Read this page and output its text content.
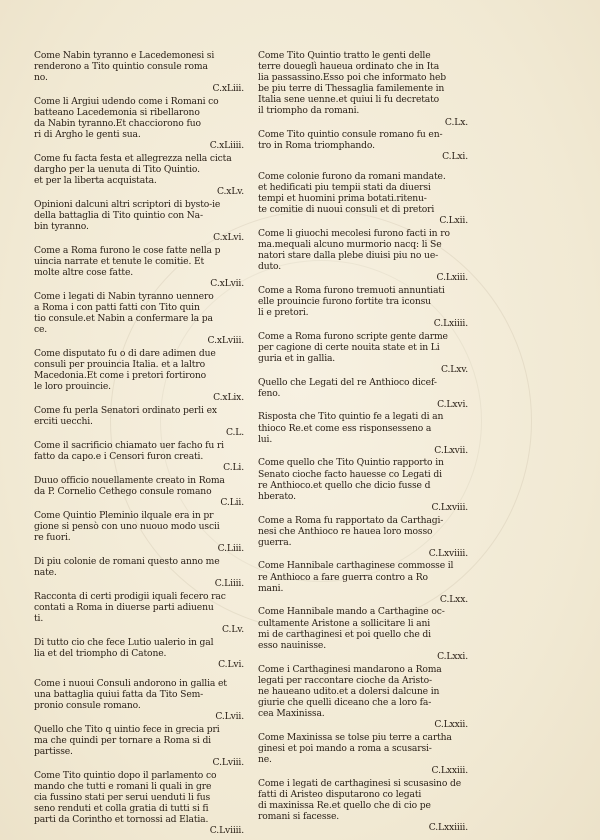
Come Nabin tyranno e Lacedemonesi si
renderono a Tito quintio consule roma
no.
C.xLiii.
Come li Argiui udendo come i Romani co
batteano Lacedemonia si ribellarono
da Nabin tyranno.Et chacciorono fuo
ri di Argho le genti sua.
C.xLiiii.
Come fu facta festa et allegrezza nella cicta
dargho per la uenuta di Tito Quintio.
et per la liberta acquistata.
C.xLv.
Opinioni dalcuni altri scriptori di bysto-ie
della battaglia di Tito quintio con Na-
bin tyranno.
C.xLvi.
Come a Roma furono le cose fatte nella p
uincia narrate et tenute le comitie. Et
molte altre cose fatte.
C.xLvii.
Come i legati di Nabin tyranno uennero
a Roma i con patti fatti con Tito quin
tio consule.et Nabin a confermare la pa
ce.
C.xLviii.
Come disputato fu o di dare adimen due
consuli per prouincia Italia. et a laltro
Macedonia.Et come i pretori fortirono
le loro prouincie.
C.xLix.
Come fu perla Senatori ordinato perli ex
erciti uecchi.
C.L.
Come il sacrificio chiamato uer facho fu ri
fatto da capo.e i Censori furon creati.
C.Li.
Duuo officio nouellamente creato in Roma
da P. Cornelio Cethego consule romano
C.Lii.
Come Quintio Pleminio ilquale era in pr
gione si pensò con uno nuouo modo uscii
re fuori.
C.Liii.
Di piu colonie de romani questo anno me
nate.
C.Liiii.
Racconta di certi prodigii iquali fecero rac
contati a Roma in diuerse parti adiuenu
ti.
C.Lv.
Di tutto cio che fece Lutio ualerio in gal
lia et del triompho di Catone.
C.Lvi.
Come i nuoui Consuli andorono in gallia et
una battaglia quiui fatta da Tito Sem-
pronio consule romano.
C.Lvii.
Quello che Tito q uintio fece in grecia pri
ma che quindi per tornare a Roma si di
partisse.
C.Lviii.
Come Tito quintio dopo il parlamento co
mando che tutti e romani li quali in gre
cia fussino stati per serui uenduti li fus
seno renduti et colla gratia di tutti si fi
parti da Corintho et tornossi ad Elatia.
C.Lviiii.
Come Tito Quintio tratto le genti delle
terre doueglì haueua ordinato che in Ita
lia passassino.Esso poi che informato heb
be piu terre di Thessaglia familemente in
Italia sene uenne.et quiui li fu decretato
il triompho da romani.
C.Lx.
Come Tito quintio consule romano fu en-
tro in Roma triomphando.
C.Lxi.
Come colonie furono da romani mandate.
et hedificati piu tempii stati da diuersi
tempi et huomini prima botati.ritenu-
te comitie di nuoui consuli et di pretori
C.Lxii.
Come li giuochi mecolesi furono facti in ro
ma.mequali alcuno murmorio nacq: li Se
natori stare dalla plebe diuisi piu no ue-
duto.
C.Lxiii.
Come a Roma furono tremuoti annuntiati
elle prouincie furono fortite tra iconsu
li e pretori.
C.Lxiiii.
Come a Roma furono scripte gente darme
per cagione di certe nouita state et in Li
guria et in gallia.
C.Lxv.
Quello che Legati del re Anthioco dicef-
feno.
C.Lxvi.
Risposta che Tito quintio fe a legati di an
thioco Re.et come ess risponsesseno a
lui.
C.Lxvii.
Come quello che Tito Quintio rapporto in
Senato cioche facto hauesse co Legati di
re Anthioco.et quello che dicio fusse d
hberato.
C.Lxviii.
Come a Roma fu rapportato da Carthagi-
nesi che Anthioco re hauea loro mosso
guerra.
C.Lxviiii.
Come Hannibale carthaginese commosse il
re Anthioco a fare guerra contro a Ro
mani.
C.Lxx.
Come Hannibale mando a Carthagine oc-
cultamente Aristone a sollicitare li ani
mi de carthaginesi et poi quello che di
esso nauinisse.
C.Lxxi.
Come i Carthaginesi mandarono a Roma
legati per raccontare cioche da Aristo-
ne haueano udito.et a dolersi dalcune in
giurie che quelli diceano che a loro fa-
cea Maxinissa.
C.Lxxii.
Come Maxinissa se tolse piu terre a cartha
ginesi et poi mando a roma a scusarsi-
ne.
C.Lxxiii.
Come i legati de carthaginesi si scusasino de
fatti di Aristeo disputarono co legati
di maxinissa Re.et quello che di cio pe
romani si facesse.
C.Lxxiiii.
